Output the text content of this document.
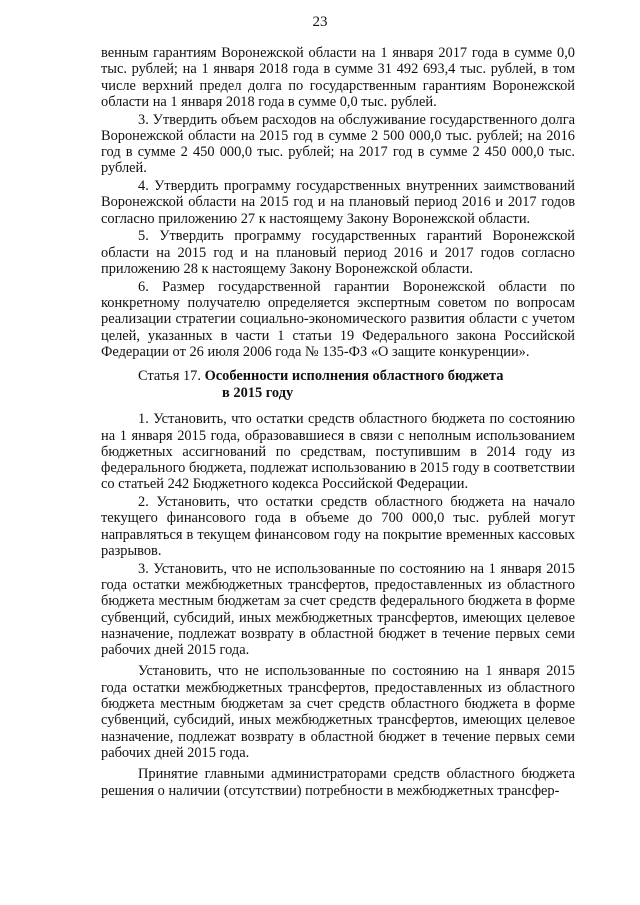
23

венным гарантиям Воронежской области на 1 января 2017 года в сумме 0,0 тыс. рублей; на 1 января 2018 года в сумме 31 492 693,4 тыс. рублей, в том числе верхний предел долга по государственным гарантиям Воронежской области на 1 января 2018 года в сумме 0,0 тыс. рублей.

3. Утвердить объем расходов на обслуживание государственного долга Воронежской области на 2015 год в сумме 2 500 000,0 тыс. рублей; на 2016 год в сумме 2 450 000,0 тыс. рублей; на 2017 год в сумме 2 450 000,0 тыс. рублей.

4. Утвердить программу государственных внутренних заимствований Воронежской области на 2015 год и на плановый период 2016 и 2017 годов согласно приложению 27 к настоящему Закону Воронежской области.

5. Утвердить программу государственных гарантий Воронежской области на 2015 год и на плановый период 2016 и 2017 годов согласно приложению 28 к настоящему Закону Воронежской области.

6. Размер государственной гарантии Воронежской области по конкретному получателю определяется экспертным советом по вопросам реализации стратегии социально-экономического развития области с учетом целей, указанных в части 1 статьи 19 Федерального закона Российской Федерации от 26 июля 2006 года № 135-ФЗ «О защите конкуренции».

Статья 17. Особенности исполнения областного бюджета
в 2015 году

1. Установить, что остатки средств областного бюджета по состоянию на 1 января 2015 года, образовавшиеся в связи с неполным использованием бюджетных ассигнований по средствам, поступившим в 2014 году из федерального бюджета, подлежат использованию в 2015 году в соответствии со статьей 242 Бюджетного кодекса Российской Федерации.

2. Установить, что остатки средств областного бюджета на начало текущего финансового года в объеме до 700 000,0 тыс. рублей могут направляться в текущем финансовом году на покрытие временных кассовых разрывов.

3. Установить, что не использованные по состоянию на 1 января 2015 года остатки межбюджетных трансфертов, предоставленных из областного бюджета местным бюджетам за счет средств федерального бюджета в форме субвенций, субсидий, иных межбюджетных трансфертов, имеющих целевое назначение, подлежат возврату в областной бюджет в течение первых семи рабочих дней 2015 года.

Установить, что не использованные по состоянию на 1 января 2015 года остатки межбюджетных трансфертов, предоставленных из областного бюджета местным бюджетам за счет средств областного бюджета в форме субвенций, субсидий, иных межбюджетных трансфертов, имеющих целевое назначение, подлежат возврату в областной бюджет в течение первых семи рабочих дней 2015 года.

Принятие главными администраторами средств областного бюджета решения о наличии (отсутствии) потребности в межбюджетных трансфер-
